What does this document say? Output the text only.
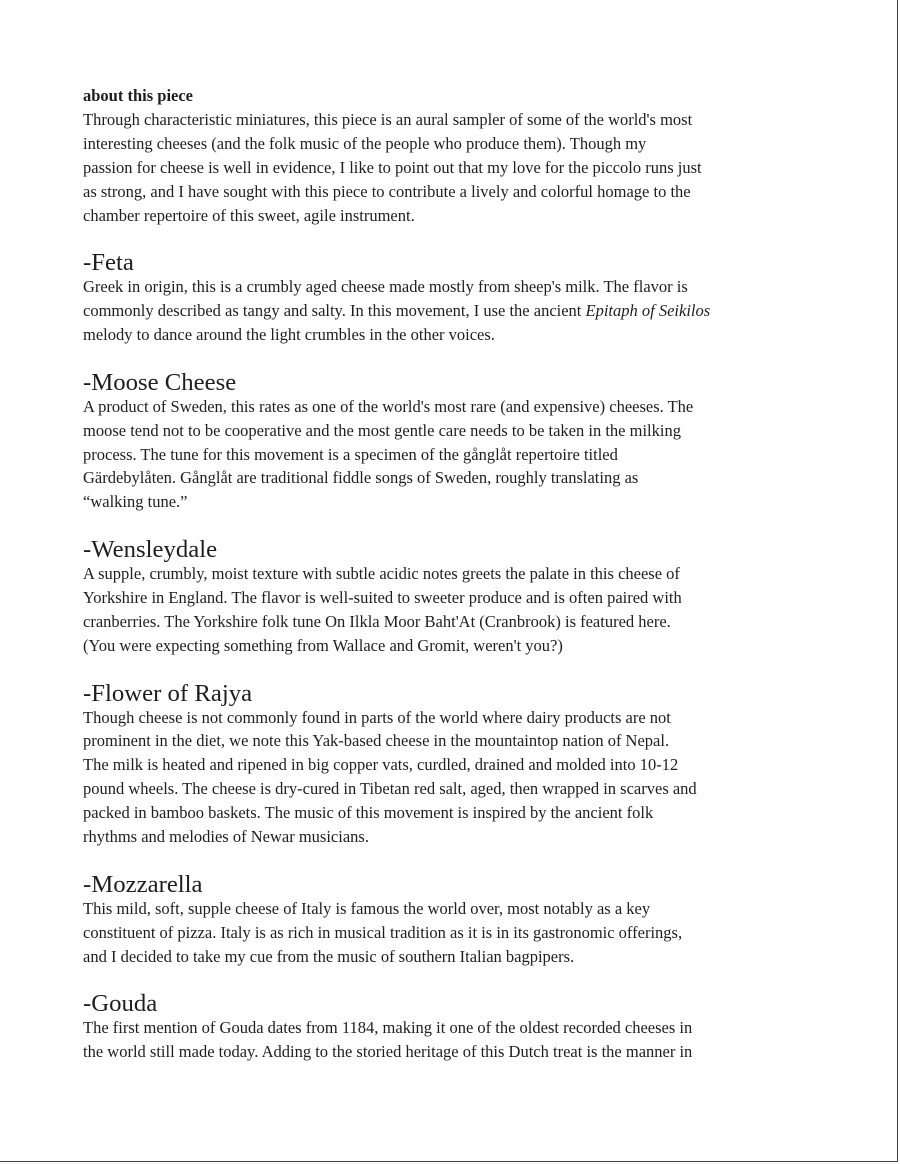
about this piece

Through characteristic miniatures, this piece is an aural sampler of some of the world's most
interesting cheeses (and the folk music of the people who produce them). Though my
passion for cheese is well in evidence, I like to point out that my love for the piccolo runs just
as strong, and I have sought with this piece to contribute a lively and colorful homage to the
chamber repertoire of this sweet, agile instrument.

-Feta

Greek in origin, this is a crumbly aged cheese made mostly from sheep's milk. The flavor is
commonly described as tangy and salty. In this movement, I use the ancient Epitaph of Seikilos
melody to dance around the light crumbles in the other voices.

-Moose Cheese

A product of Sweden, this rates as one of the world's most rare (and expensive) cheeses. The
moose tend not to be cooperative and the most gentle care needs to be taken in the milking
process. The tune for this movement is a specimen of the gånglåt repertoire titled
Gärdebylåten. Gånglåt are traditional fiddle songs of Sweden, roughly translating as
“walking tune.”

-Wensleydale

A supple, crumbly, moist texture with subtle acidic notes greets the palate in this cheese of
Yorkshire in England. The flavor is well-suited to sweeter produce and is often paired with
cranberries. The Yorkshire folk tune On Ilkla Moor Baht'At (Cranbrook) is featured here.
(You were expecting something from Wallace and Gromit, weren't you?)

-Flower of Rajya

Though cheese is not commonly found in parts of the world where dairy products are not
prominent in the diet, we note this Yak-based cheese in the mountaintop nation of Nepal.
The milk is heated and ripened in big copper vats, curdled, drained and molded into 10-12
pound wheels. The cheese is dry-cured in Tibetan red salt, aged, then wrapped in scarves and
packed in bamboo baskets. The music of this movement is inspired by the ancient folk
rhythms and melodies of Newar musicians.

-Mozzarella

This mild, soft, supple cheese of Italy is famous the world over, most notably as a key
constituent of pizza. Italy is as rich in musical tradition as it is in its gastronomic offerings,
and I decided to take my cue from the music of southern Italian bagpipers.

-Gouda

The first mention of Gouda dates from 1184, making it one of the oldest recorded cheeses in
the world still made today. Adding to the storied heritage of this Dutch treat is the manner in
